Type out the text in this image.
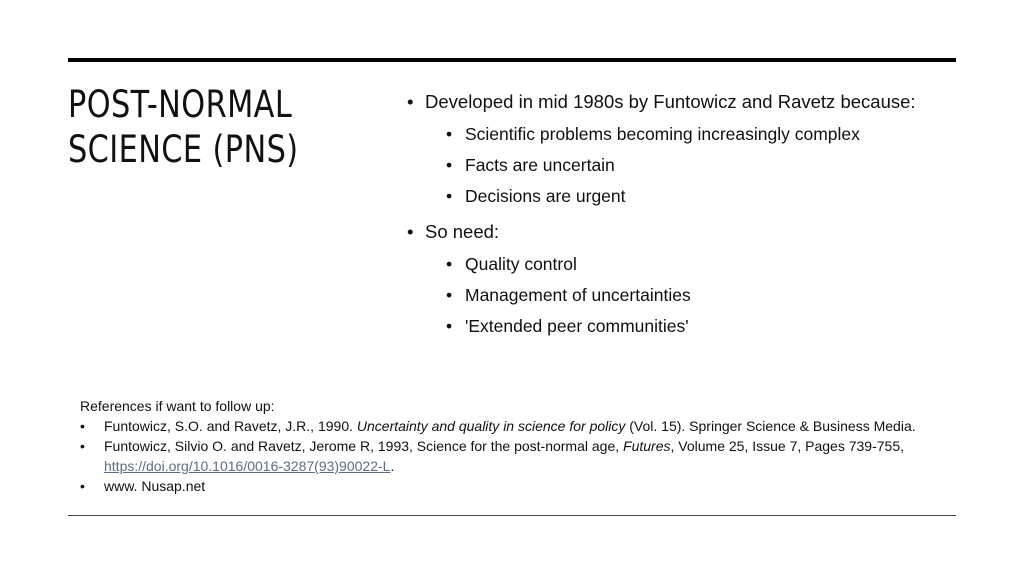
POST-NORMAL
SCIENCE (PNS)
• Developed in mid 1980s by Funtowicz and Ravetz because:
• Scientific problems becoming increasingly complex
• Facts are uncertain
• Decisions are urgent
• So need:
• Quality control
• Management of uncertainties
• 'Extended peer communities'
References if want to follow up:
• Funtowicz, S.O. and Ravetz, J.R., 1990. Uncertainty and quality in science for policy (Vol. 15). Springer Science & Business Media.
• Funtowicz, Silvio O. and Ravetz, Jerome R, 1993, Science for the post-normal age, Futures, Volume 25, Issue 7, Pages 739-755, https://doi.org/10.1016/0016-3287(93)90022-L.
• www. Nusap.net
